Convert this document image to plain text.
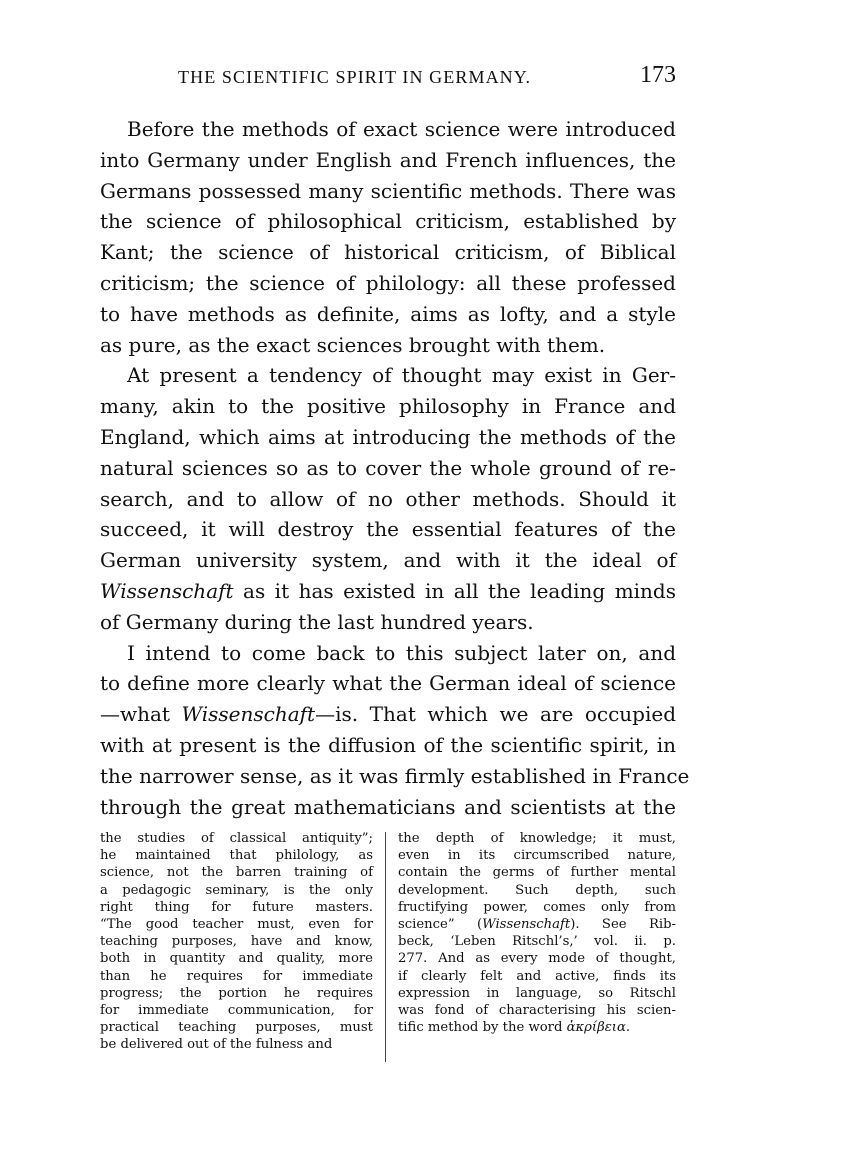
THE SCIENTIFIC SPIRIT IN GERMANY.	173

Before the methods of exact science were introduced
into Germany under English and French influences, the
Germans possessed many scientific methods. There was
the science of philosophical criticism, established by
Kant; the science of historical criticism, of Biblical
criticism; the science of philology: all these professed
to have methods as definite, aims as lofty, and a style
as pure, as the exact sciences brought with them.

At present a tendency of thought may exist in Ger-
many, akin to the positive philosophy in France and
England, which aims at introducing the methods of the
natural sciences so as to cover the whole ground of re-
search, and to allow of no other methods. Should it
succeed, it will destroy the essential features of the
German university system, and with it the ideal of
Wissenschaft as it has existed in all the leading minds
of Germany during the last hundred years.

I intend to come back to this subject later on, and
to define more clearly what the German ideal of science
—what Wissenschaft—is. That which we are occupied
with at present is the diffusion of the scientific spirit, in
the narrower sense, as it was firmly established in France
through the great mathematicians and scientists at the

the studies of classical antiquity”;
he maintained that philology, as
science, not the barren training of
a pedagogic seminary, is the only
right thing for future masters.
“The good teacher must, even for
teaching purposes, have and know,
both in quantity and quality, more
than he requires for immediate
progress; the portion he requires
for immediate communication, for
practical teaching purposes, must
be delivered out of the fulness and
the depth of knowledge; it must,
even in its circumscribed nature,
contain the germs of further mental
development. Such depth, such
fructifying power, comes only from
science” (Wissenschaft). See Rib-
beck, ‘Leben Ritschl’s,’ vol. ii. p.
277. And as every mode of thought,
if clearly felt and active, finds its
expression in language, so Ritschl
was fond of characterising his scien-
tific method by the word ἀκρίβεια.
